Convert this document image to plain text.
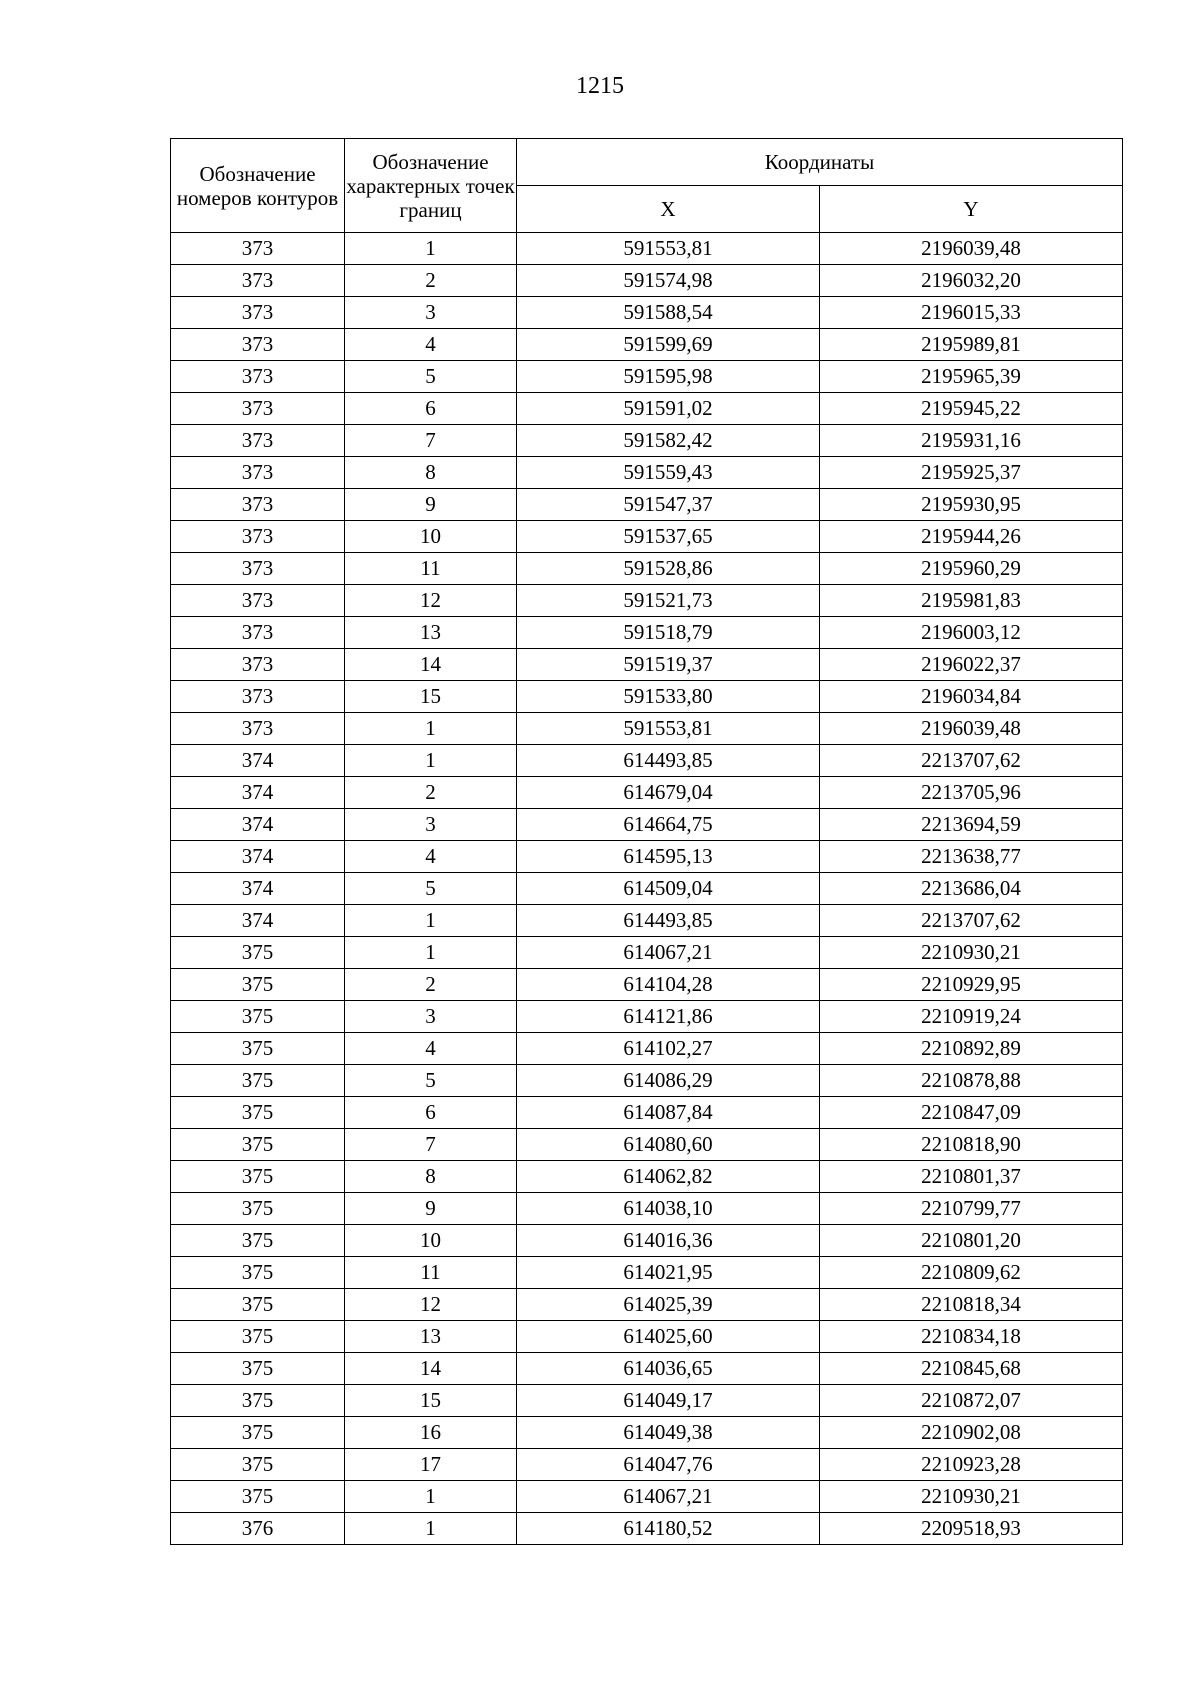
1215
Обозначение номеров контуров	Обозначение характерных точек границ	Координаты	
		X	Y
373	1	591553,81	2196039,48
373	2	591574,98	2196032,20
373	3	591588,54	2196015,33
373	4	591599,69	2195989,81
373	5	591595,98	2195965,39
373	6	591591,02	2195945,22
373	7	591582,42	2195931,16
373	8	591559,43	2195925,37
373	9	591547,37	2195930,95
373	10	591537,65	2195944,26
373	11	591528,86	2195960,29
373	12	591521,73	2195981,83
373	13	591518,79	2196003,12
373	14	591519,37	2196022,37
373	15	591533,80	2196034,84
373	1	591553,81	2196039,48
374	1	614493,85	2213707,62
374	2	614679,04	2213705,96
374	3	614664,75	2213694,59
374	4	614595,13	2213638,77
374	5	614509,04	2213686,04
374	1	614493,85	2213707,62
375	1	614067,21	2210930,21
375	2	614104,28	2210929,95
375	3	614121,86	2210919,24
375	4	614102,27	2210892,89
375	5	614086,29	2210878,88
375	6	614087,84	2210847,09
375	7	614080,60	2210818,90
375	8	614062,82	2210801,37
375	9	614038,10	2210799,77
375	10	614016,36	2210801,20
375	11	614021,95	2210809,62
375	12	614025,39	2210818,34
375	13	614025,60	2210834,18
375	14	614036,65	2210845,68
375	15	614049,17	2210872,07
375	16	614049,38	2210902,08
375	17	614047,76	2210923,28
375	1	614067,21	2210930,21
376	1	614180,52	2209518,93
